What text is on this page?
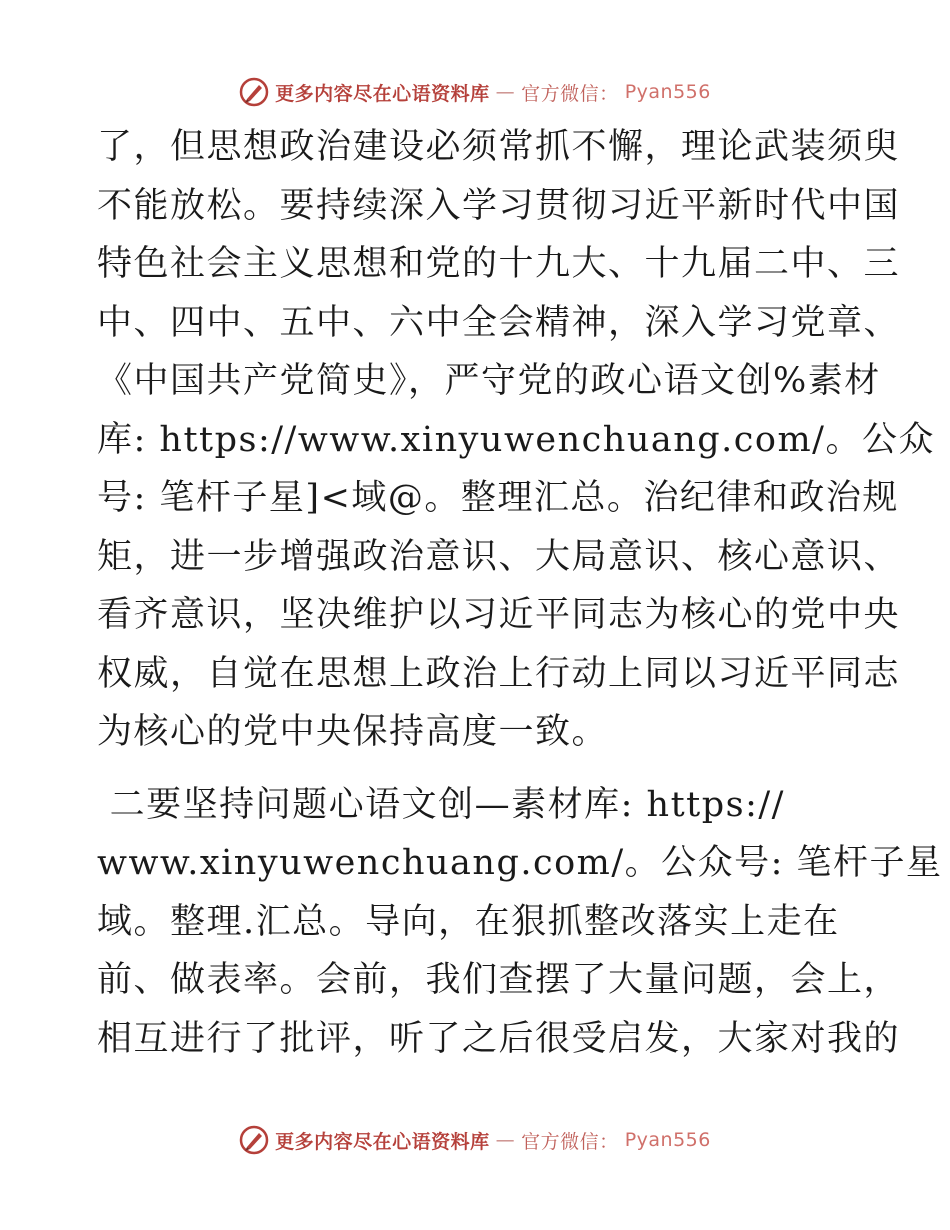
更多内容尽在心语资料库 — 官方微信： Pyan556

了，但思想政治建设必须常抓不懈，理论武装须臾

不能放松。要持续深入学习贯彻习近平新时代中国

特色社会主义思想和党的十九大、十九届二中、三

中、四中、五中、六中全会精神，深入学习党章、

《中国共产党简史》，严守党的政心语文创%素材

库: https://www.xinyuwenchuang.com/。公众

号: 笔杆子星]<域@。整理汇总。治纪律和政治规

矩，进一步增强政治意识、大局意识、核心意识、

看齐意识，坚决维护以习近平同志为核心的党中央

权威，自觉在思想上政治上行动上同以习近平同志

为核心的党中央保持高度一致。

二要坚持问题心语文创—素材库: https://

www.xinyuwenchuang.com/。公众号: 笔杆子星

域。整理.汇总。导向，在狠抓整改落实上走在

前、做表率。会前，我们查摆了大量问题，会上，

相互进行了批评，听了之后很受启发，大家对我的

更多内容尽在心语资料库 — 官方微信： Pyan556
